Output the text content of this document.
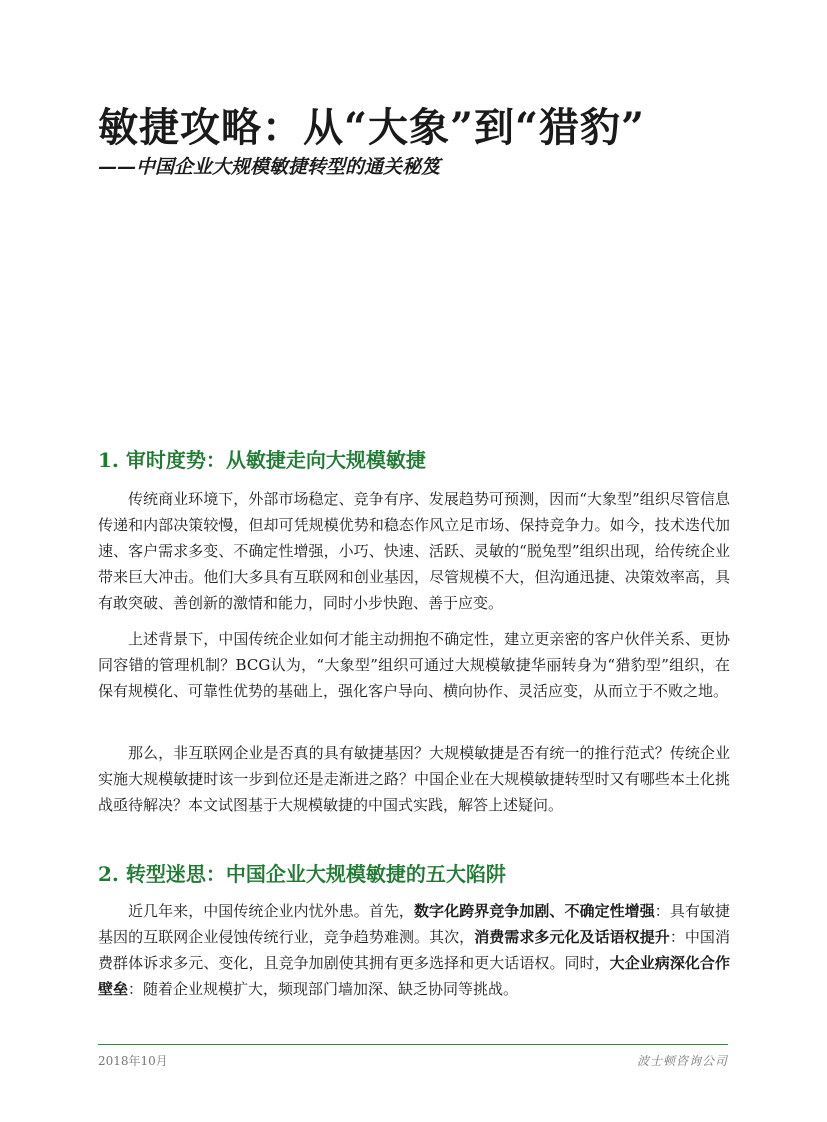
敏捷攻略：从“大象”到“猎豹”

——中国企业大规模敏捷转型的通关秘笈

1. 审时度势：从敏捷走向大规模敏捷

传统商业环境下，外部市场稳定、竞争有序、发展趋势可预测，因而“大象型”组织尽管信息传递和内部决策较慢，但却可凭规模优势和稳态作风立足市场、保持竞争力。如今，技术迭代加速、客户需求多变、不确定性增强，小巧、快速、活跃、灵敏的“脱兔型”组织出现，给传统企业带来巨大冲击。他们大多具有互联网和创业基因，尽管规模不大，但沟通迅捷、决策效率高，具有敢突破、善创新的激情和能力，同时小步快跑、善于应变。

上述背景下，中国传统企业如何才能主动拥抱不确定性，建立更亲密的客户伙伴关系、更协同容错的管理机制？BCG认为，“大象型”组织可通过大规模敏捷华丽转身为“猎豹型”组织，在保有规模化、可靠性优势的基础上，强化客户导向、横向协作、灵活应变，从而立于不败之地。

那么，非互联网企业是否真的具有敏捷基因？大规模敏捷是否有统一的推行范式？传统企业实施大规模敏捷时该一步到位还是走渐进之路？中国企业在大规模敏捷转型时又有哪些本土化挑战亟待解决？本文试图基于大规模敏捷的中国式实践，解答上述疑问。

2. 转型迷思：中国企业大规模敏捷的五大陷阱

近几年来，中国传统企业内忧外患。首先，数字化跨界竞争加剧、不确定性增强：具有敏捷基因的互联网企业侵蚀传统行业，竞争趋势难测。其次，消费需求多元化及话语权提升：中国消费群体诉求多元、变化，且竞争加剧使其拥有更多选择和更大话语权。同时，大企业病深化合作壁垒：随着企业规模扩大，频现部门墙加深、缺乏协同等挑战。

2018年10月	波士顿咨询公司
